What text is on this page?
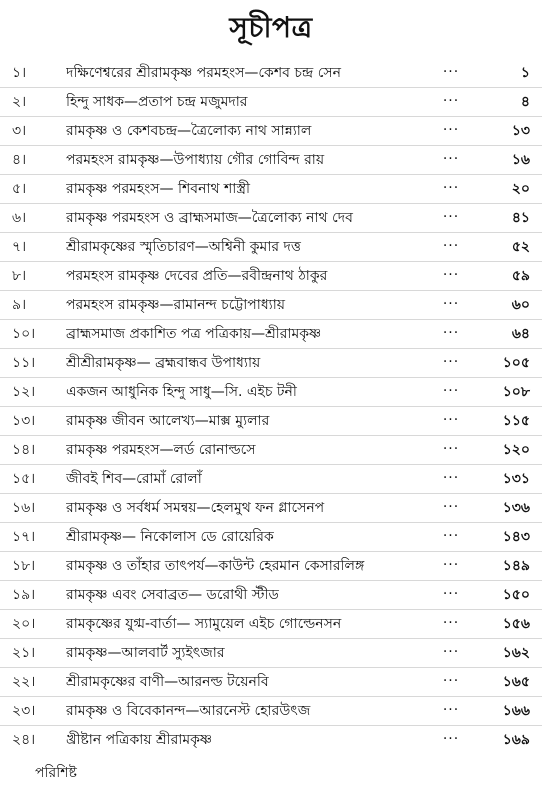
সূচীপত্র
১।	দক্ষিণেশ্বরের শ্রীরামকৃষ্ণ পরমহংস—কেশব চন্দ্র সেন	···	১
২।	হিন্দু সাধক—প্রতাপ চন্দ্র মজুমদার	···	৪
৩।	রামকৃষ্ণ ও কেশবচন্দ্র—ত্রৈলোক্য নাথ সান্ন্যাল	···	১৩
৪।	পরমহংস রামকৃষ্ণ—উপাধ্যায় গৌর গোবিন্দ রায়	···	১৬
৫।	রামকৃষ্ণ পরমহংস— শিবনাথ শাস্ত্রী	···	২০
৬।	রামকৃষ্ণ পরমহংস ও ব্রাহ্মসমাজ—ত্রৈলোক্য নাথ দেব	···	৪১
৭।	শ্রীরামকৃষ্ণের স্মৃতিচারণ—অশ্বিনী কুমার দত্ত	···	৫২
৮।	পরমহংস রামকৃষ্ণ দেবের প্রতি—রবীন্দ্রনাথ ঠাকুর	···	৫৯
৯।	পরমহংস রামকৃষ্ণ—রামানন্দ চট্টোপাধ্যায়	···	৬০
১০।	ব্রাহ্মসমাজ প্রকাশিত পত্র পত্রিকায়—শ্রীরামকৃষ্ণ	···	৬৪
১১।	শ্রীশ্রীরামকৃষ্ণ— ব্রহ্মবান্ধব উপাধ্যায়	···	১০৫
১২।	একজন আধুনিক হিন্দু সাধু—সি. এইচ টনী	···	১০৮
১৩।	রামকৃষ্ণ জীবন আলেখ্য—মাক্স ম্যুলার	···	১১৫
১৪।	রামকৃষ্ণ পরমহংস—লর্ড রোনাল্ডসে	···	১২০
১৫।	জীবই শিব—রোমাঁ রোলাঁ	···	১৩১
১৬।	রামকৃষ্ণ ও সর্বধর্ম সমন্বয়—হেলমুথ ফন গ্লাসেনপ	···	১৩৬
১৭।	শ্রীরামকৃষ্ণ— নিকোলাস ডে রোয়েরিক	···	১৪৩
১৮।	রামকৃষ্ণ ও তাঁহার তাৎপর্য—কাউন্ট হেরমান কেসারলিঙ্গ	···	১৪৯
১৯।	রামকৃষ্ণ এবং সেবাব্রত— ডরোথী স্টীড	···	১৫০
২০।	রামকৃষ্ণের যুগ্ম-বার্তা— স্যামুয়েল এইচ গোল্ডেনসন	···	১৫৬
২১।	রামকৃষ্ণ—আলবার্ট স্যুইৎজার	···	১৬২
২২।	শ্রীরামকৃষ্ণের বাণী—আরনল্ড টয়েনবি	···	১৬৫
২৩।	রামকৃষ্ণ ও বিবেকানন্দ—আরনেস্ট হোরউৎজ	···	১৬৬
২৪।	খ্রীষ্টান পত্রিকায় শ্রীরামকৃষ্ণ	···	১৬৯
পরিশিষ্ট
